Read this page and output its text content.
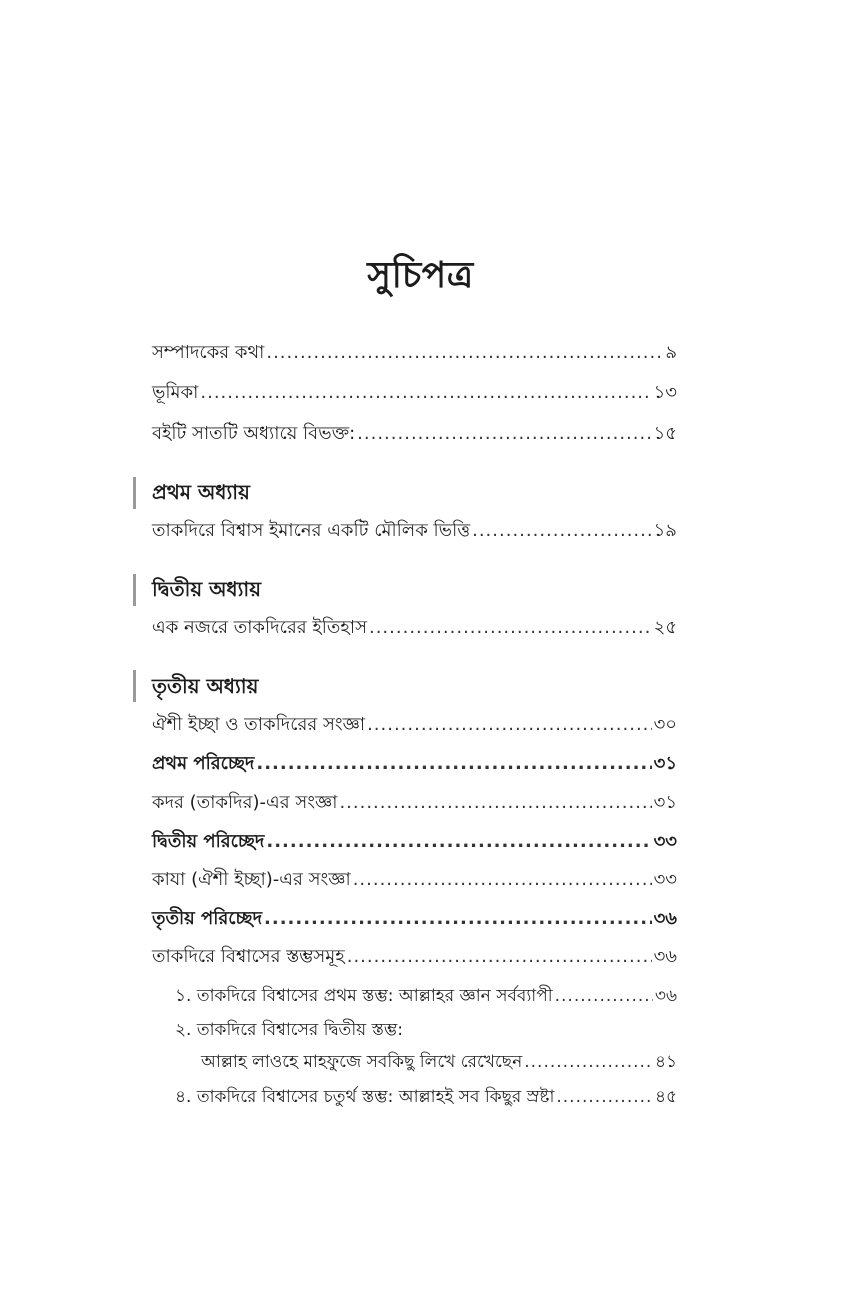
সুচিপত্র
সম্পাদকের কথা .....	৯
ভূমিকা .....	১৩
বইটি সাতটি অধ্যায়ে বিভক্ত: .....	১৫
প্রথম অধ্যায়
তাকদিরে বিশ্বাস ইমানের একটি মৌলিক ভিত্তি .....	১৯
দ্বিতীয় অধ্যায়
এক নজরে তাকদিরের ইতিহাস .....	২৫
তৃতীয় অধ্যায়
ঐশী ইচ্ছা ও তাকদিরের সংজ্ঞা .....	৩০
প্রথম পরিচ্ছেদ .....	৩১
কদর (তাকদির)-এর সংজ্ঞা .....	৩১
দ্বিতীয় পরিচ্ছেদ .....	৩৩
কাযা (ঐশী ইচ্ছা)-এর সংজ্ঞা .....	৩৩
তৃতীয় পরিচ্ছেদ .....	৩৬
তাকদিরে বিশ্বাসের স্তম্ভসমূহ .....	৩৬
১. তাকদিরে বিশ্বাসের প্রথম স্তম্ভ: আল্লাহর জ্ঞান সর্বব্যাপী .....	৩৬
২. তাকদিরে বিশ্বাসের দ্বিতীয় স্তম্ভ:
আল্লাহ লাওহে মাহফুজে সবকিছু লিখে রেখেছেন .....	৪১
৪. তাকদিরে বিশ্বাসের চতুর্থ স্তম্ভ: আল্লাহই সব কিছুর স্রষ্টা .....	৪৫
